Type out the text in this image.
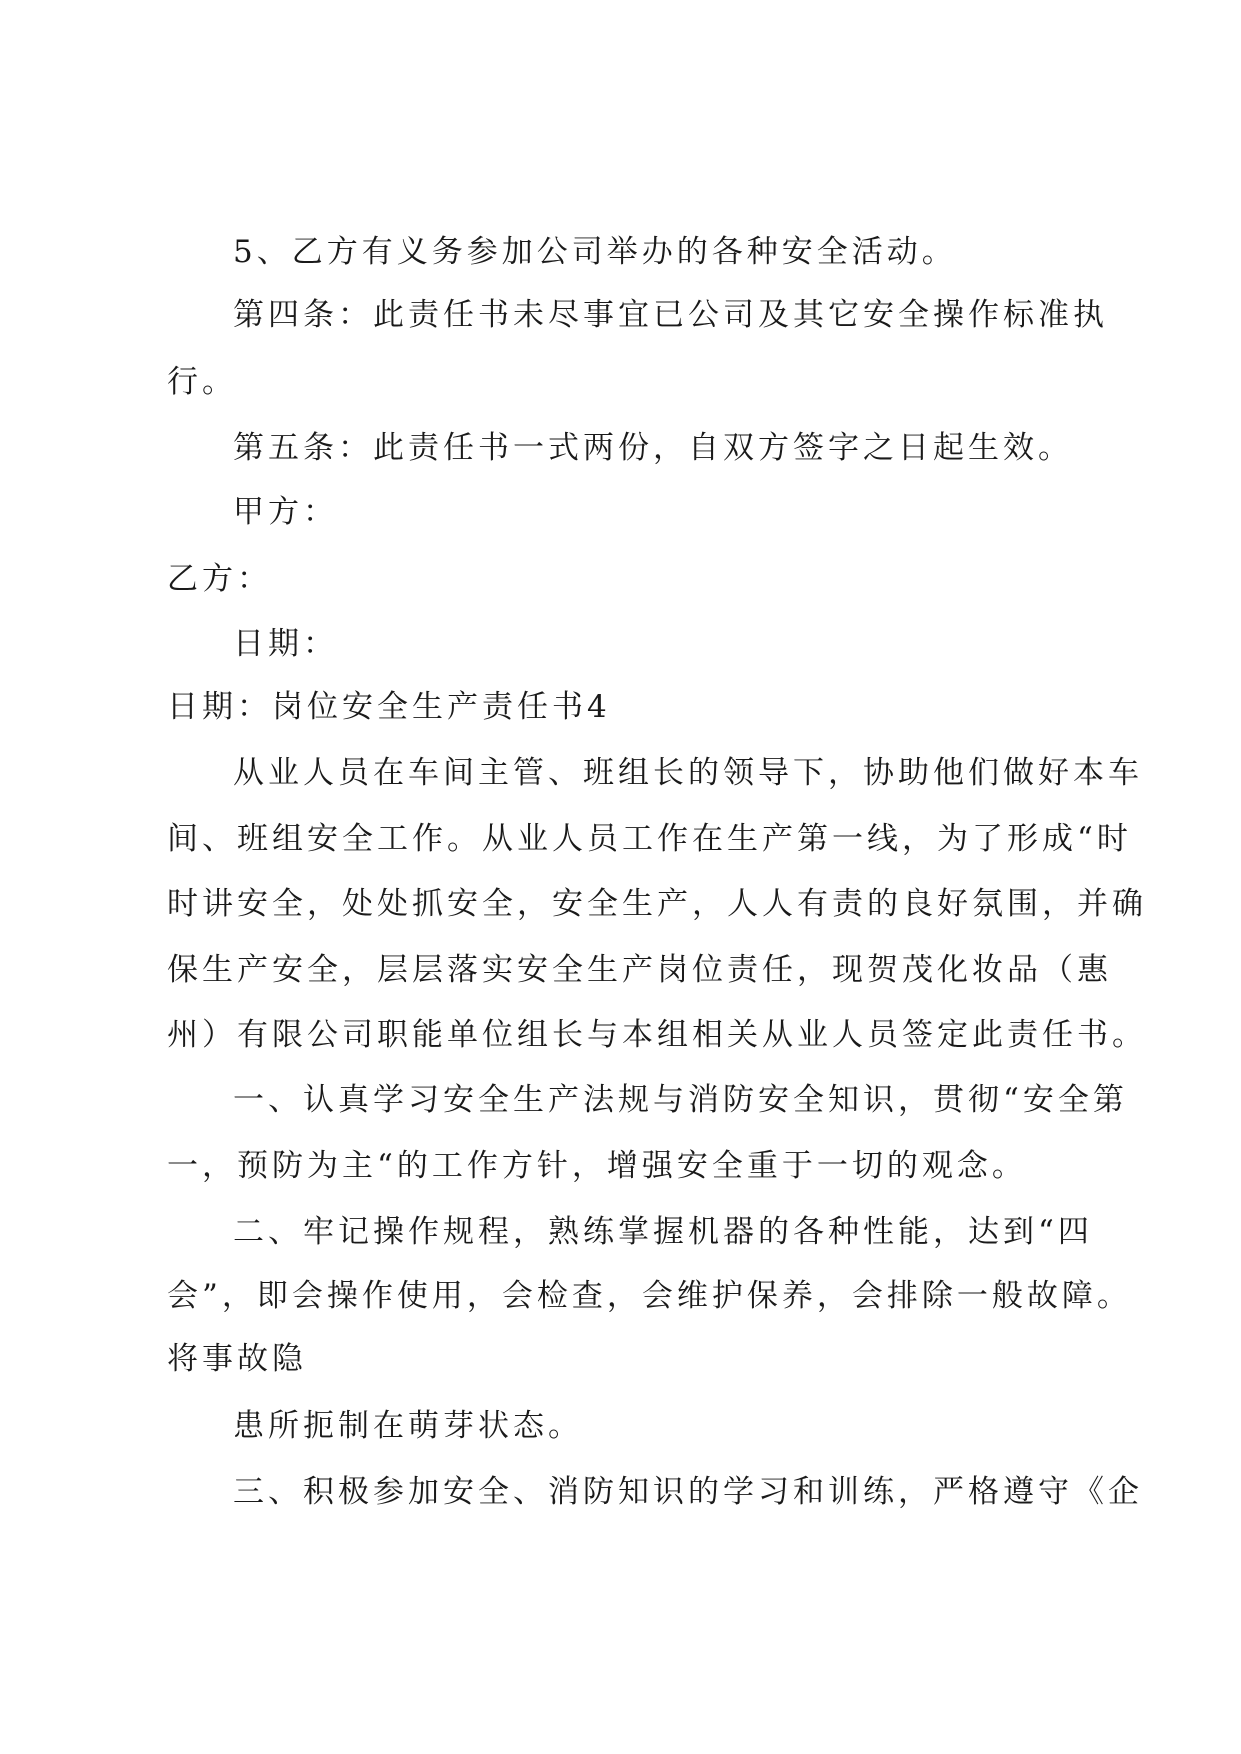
5、乙方有义务参加公司举办的各种安全活动。

第四条：此责任书未尽事宜已公司及其它安全操作标准执

行。

第五条：此责任书一式两份，自双方签字之日起生效。

甲方：

乙方：

日期：

日期：岗位安全生产责任书4

从业人员在车间主管、班组长的领导下，协助他们做好本车

间、班组安全工作。从业人员工作在生产第一线，为了形成“时

时讲安全，处处抓安全，安全生产，人人有责的良好氛围，并确

保生产安全，层层落实安全生产岗位责任，现贺茂化妆品（惠

州）有限公司职能单位组长与本组相关从业人员签定此责任书。

一、认真学习安全生产法规与消防安全知识，贯彻“安全第

一，预防为主“的工作方针，增强安全重于一切的观念。

二、牢记操作规程，熟练掌握机器的各种性能，达到“四

会”，即会操作使用，会检查，会维护保养，会排除一般故障。

将事故隐

患所扼制在萌芽状态。

三、积极参加安全、消防知识的学习和训练，严格遵守《企
